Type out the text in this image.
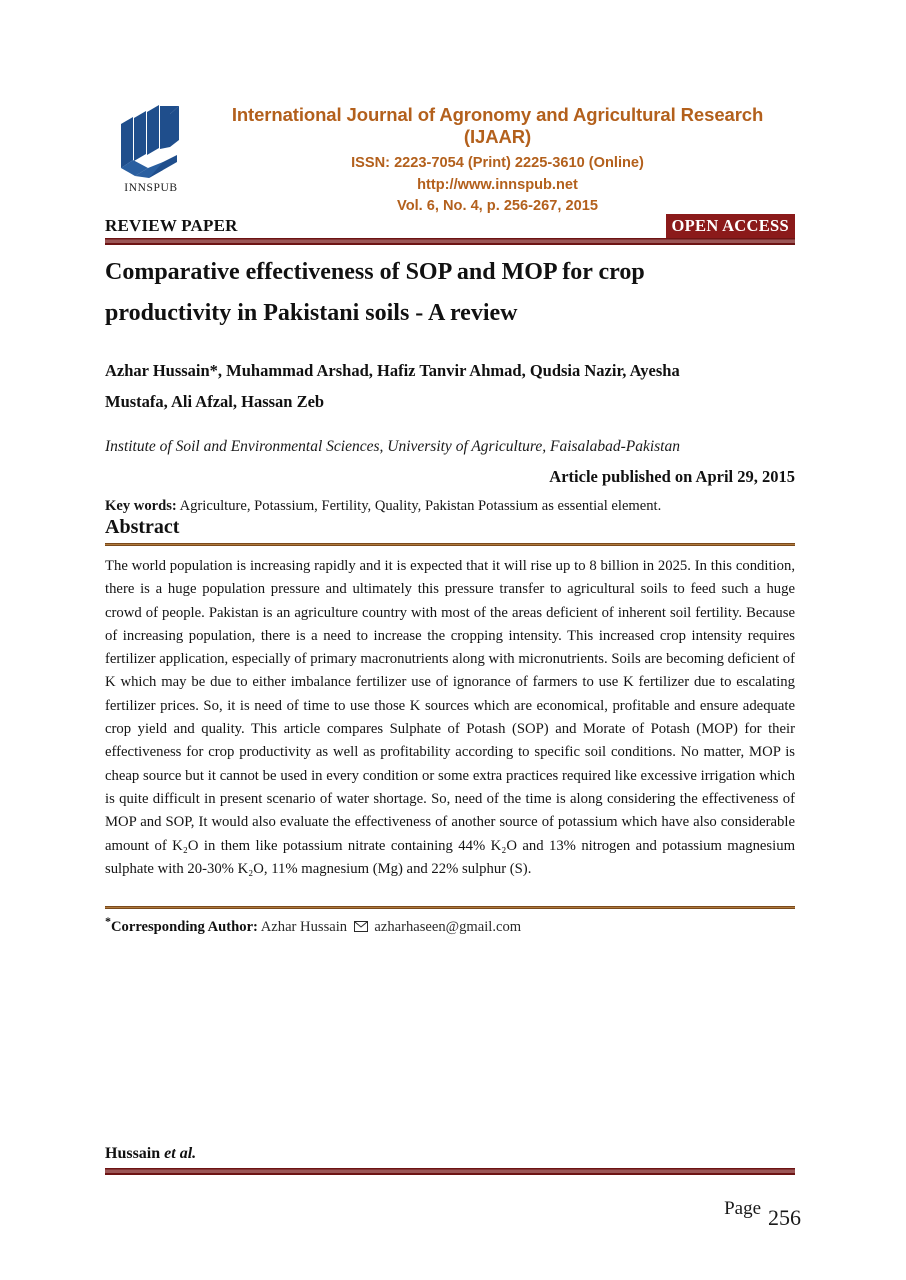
INNSPUB
International Journal of Agronomy and Agricultural Research (IJAAR)
ISSN: 2223-7054 (Print) 2225-3610 (Online)
http://www.innspub.net
Vol. 6, No. 4, p. 256-267, 2015
REVIEW PAPER	OPEN ACCESS
Comparative effectiveness of SOP and MOP for crop
productivity in Pakistani soils - A review
Azhar Hussain*, Muhammad Arshad, Hafiz Tanvir Ahmad, Qudsia Nazir, Ayesha
Mustafa, Ali Afzal, Hassan Zeb
Institute of Soil and Environmental Sciences, University of Agriculture, Faisalabad-Pakistan
Article published on April 29, 2015
Key words: Agriculture, Potassium, Fertility, Quality, Pakistan Potassium as essential element.
Abstract

The world population is increasing rapidly and it is expected that it will rise up to 8 billion in 2025. In this condition, there is a huge population pressure and ultimately this pressure transfer to agricultural soils to feed such a huge crowd of people. Pakistan is an agriculture country with most of the areas deficient of inherent soil fertility. Because of increasing population, there is a need to increase the cropping intensity. This increased crop intensity requires fertilizer application, especially of primary macronutrients along with micronutrients. Soils are becoming deficient of K which may be due to either imbalance fertilizer use of ignorance of farmers to use K fertilizer due to escalating fertilizer prices. So, it is need of time to use those K sources which are economical, profitable and ensure adequate crop yield and quality. This article compares Sulphate of Potash (SOP) and Morate of Potash (MOP) for their effectiveness for crop productivity as well as profitability according to specific soil conditions. No matter, MOP is cheap source but it cannot be used in every condition or some extra practices required like excessive irrigation which is quite difficult in present scenario of water shortage. So, need of the time is along considering the effectiveness of MOP and SOP, It would also evaluate the effectiveness of another source of potassium which have also considerable amount of K₂O in them like potassium nitrate containing 44% K₂O and 13% nitrogen and potassium magnesium sulphate with 20-30% K₂O, 11% magnesium (Mg) and 22% sulphur (S).

*Corresponding Author: Azhar Hussain azharhaseen@gmail.com
Hussain et al.
Page 256
